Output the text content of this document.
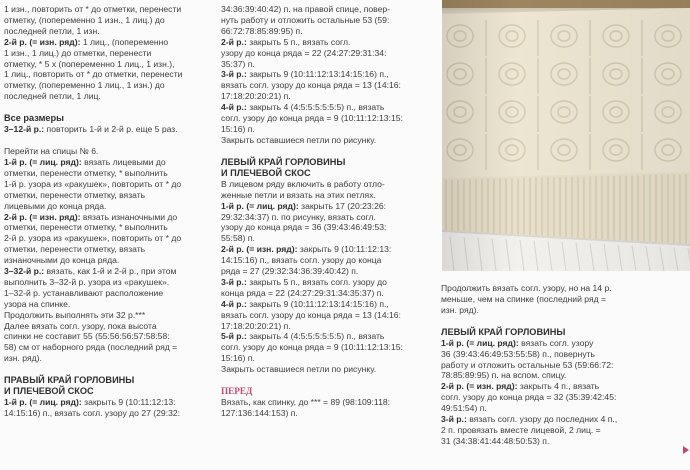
1 изн., повторить от * до отметки, перенести

отметку, (попеременно 1 изн., 1 лиц.) до

последней петли, 1 изн.

2-й р. (= изн. ряд): 1 лиц., (попеременно

1 изн., 1 лиц.) до отметки, перенести

отметку, * 5 х (попеременно 1 лиц., 1 изн.),

1 лиц., повторить от * до отметки, перенести

отметку, (попеременно 1 лиц., 1 изн.) до

последней петли, 1 лиц.

Все размеры

3–12-й р.: повторить 1-й и 2-й р. еще 5 раз.

Перейти на спицы № 6.

1-й р. (= лиц. ряд): вязать лицевыми до

отметки, перенести отметку, * выполнить

1-й р. узора из «ракушек», повторить от * до

отметки, перенести отметку, вязать

лицевыми до конца ряда.

2-й р. (= изн. ряд): вязать изнаночными до

отметки, перенести отметку, * выполнить

2-й р. узора из «ракушек», повторить от * до

отметки, перенести отметку, вязать

изнаночными до конца ряда.

3–32-й р.: вязать, как 1-й и 2-й р., при этом

выполнить 3–32-й р. узора из «ракушек».

1–32-й р. устанавливают расположение

узора на спинке.

Продолжить выполнять эти 32 р.***

Далее вязать согл. узору, пока высота

спинки не составит 55 (55:56:56:57:58:58:

58) см от наборного ряда (последний ряд =

изн. ряд).

ПРАВЫЙ КРАЙ ГОРЛОВИНЫ

И ПЛЕЧЕВОЙ СКОС

1-й р. (= лиц. ряд): закрыть 9 (10:11:12:13:

14:15:16) п., вязать согл. узору до 27 (29:32:

34:36:39:40:42) п. на правой спице, повер-

нуть работу и отложить остальные 53 (59:

66:72:78:85:89:95) п.

2-й р.: закрыть 5 п., вязать согл.

узору до конца ряда = 22 (24:27:29:31:34:

35:37) п.

3-й р.: закрыть 9 (10:11:12:13:14:15:16) п.,

вязать согл. узору до конца ряда = 13 (14:16:

17:18:20:20:21) п.

4-й р.: закрыть 4 (4:5:5:5:5:5:5) п., вязать

согл. узору до конца ряда = 9 (10:11:12:13:15:

15:16) п.

Закрыть оставшиеся петли по рисунку.

ЛЕВЫЙ КРАЙ ГОРЛОВИНЫ

И ПЛЕЧЕВОЙ СКОС

В лицевом ряду включить в работу отло-

женные петли и вязать на этих петлях.

1-й р. (= лиц. ряд): закрыть 17 (20:23:26:

29:32:34:37) п. по рисунку, вязать согл.

узору до конца ряда = 36 (39:43:46:49:53:

55:58) п.

2-й р. (= изн. ряд): закрыть 9 (10:11:12:13:

14:15:16) п., вязать согл. узору до конца

ряда = 27 (29:32:34:36:39:40:42) п.

3-й р.: закрыть 5 п., вязать согл. узору до

конца ряда = 22 (24:27:29:31:34:35:37) п.

4-й р.: закрыть 9 (10:11:12:13:14:15:16) п.,

вязать согл. узору до конца ряда = 13 (14:16:

17:18:20:20:21) п.

5-й р.: закрыть 4 (4:5:5:5:5:5:5) п., вязать

согл. узору до конца ряда = 9 (10:11:12:13:15:

15:16) п.

Закрыть оставшиеся петли по рисунку.

ПЕРЕД

Вязать, как спинку, до *** = 89 (98:109:118:

127:136:144:153) п.

Продолжить вязать согл. узору, но на 14 р.

меньше, чем на спинке (последний ряд =

изн. ряд).

ЛЕВЫЙ КРАЙ ГОРЛОВИНЫ

1-й р. (= лиц. ряд): вязать согл. узору

36 (39:43:46:49:53:55:58) п., повернуть

работу и отложить остальные 53 (59:66:72:

78:85:89:95) п. на вспом. спицу.

2-й р. (= изн. ряд): закрыть 4 п., вязать

согл. узору до конца ряда = 32 (35:39:42:45:

49:51:54) п.

3-й р.: вязать согл. узору до последних 4 п.,

2 п. провязать вместе лицевой, 2 лиц. =

31 (34:38:41:44:48:50:53) п.
